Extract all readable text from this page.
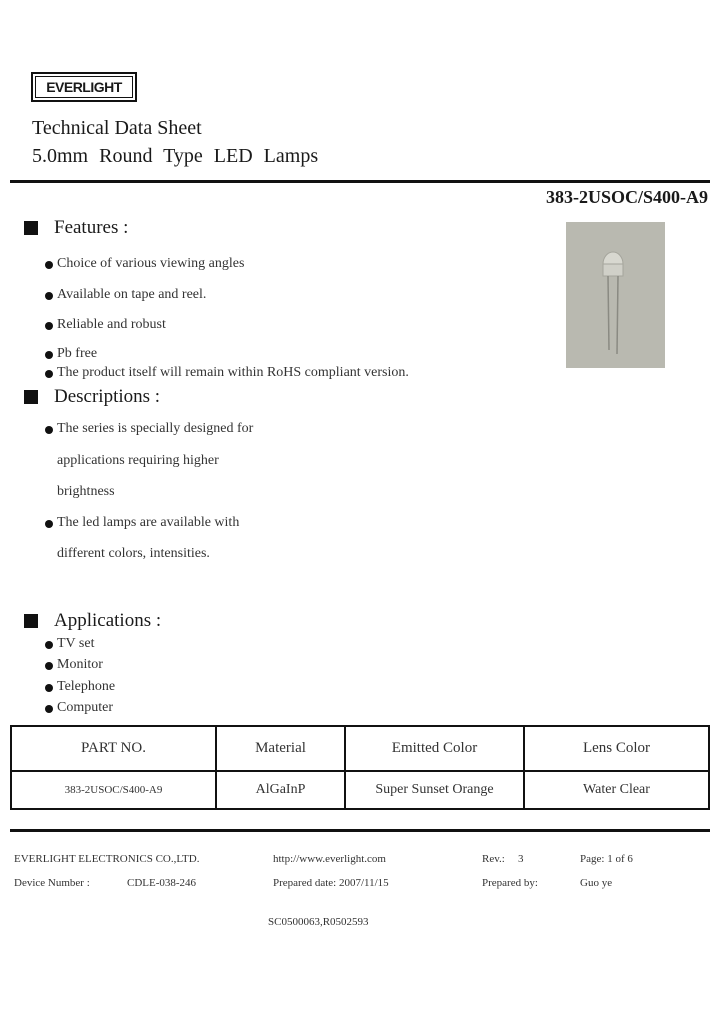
EVERLIGHT
Technical Data Sheet
5.0mm Round Type LED Lamps
383-2USOC/S400-A9
Features :
Choice of various viewing angles
Available on tape and reel.
Reliable and robust
Pb free
The product itself will remain within RoHS compliant version.
Descriptions :
The series is specially designed for
applications requiring higher
brightness
The led lamps are available with
different colors, intensities.
Applications :
TV set
Monitor
Telephone
Computer
PART NO.	Material	Emitted Color	Lens Color
383-2USOC/S400-A9	AlGaInP	Super Sunset Orange	Water Clear
EVERLIGHT ELECTRONICS CO.,LTD.	http://www.everlight.com	Rev.: 3	Page: 1 of 6
Device Number :	CDLE-038-246	Prepared date: 2007/11/15	Prepared by:	Guo ye
SC0500063,R0502593
